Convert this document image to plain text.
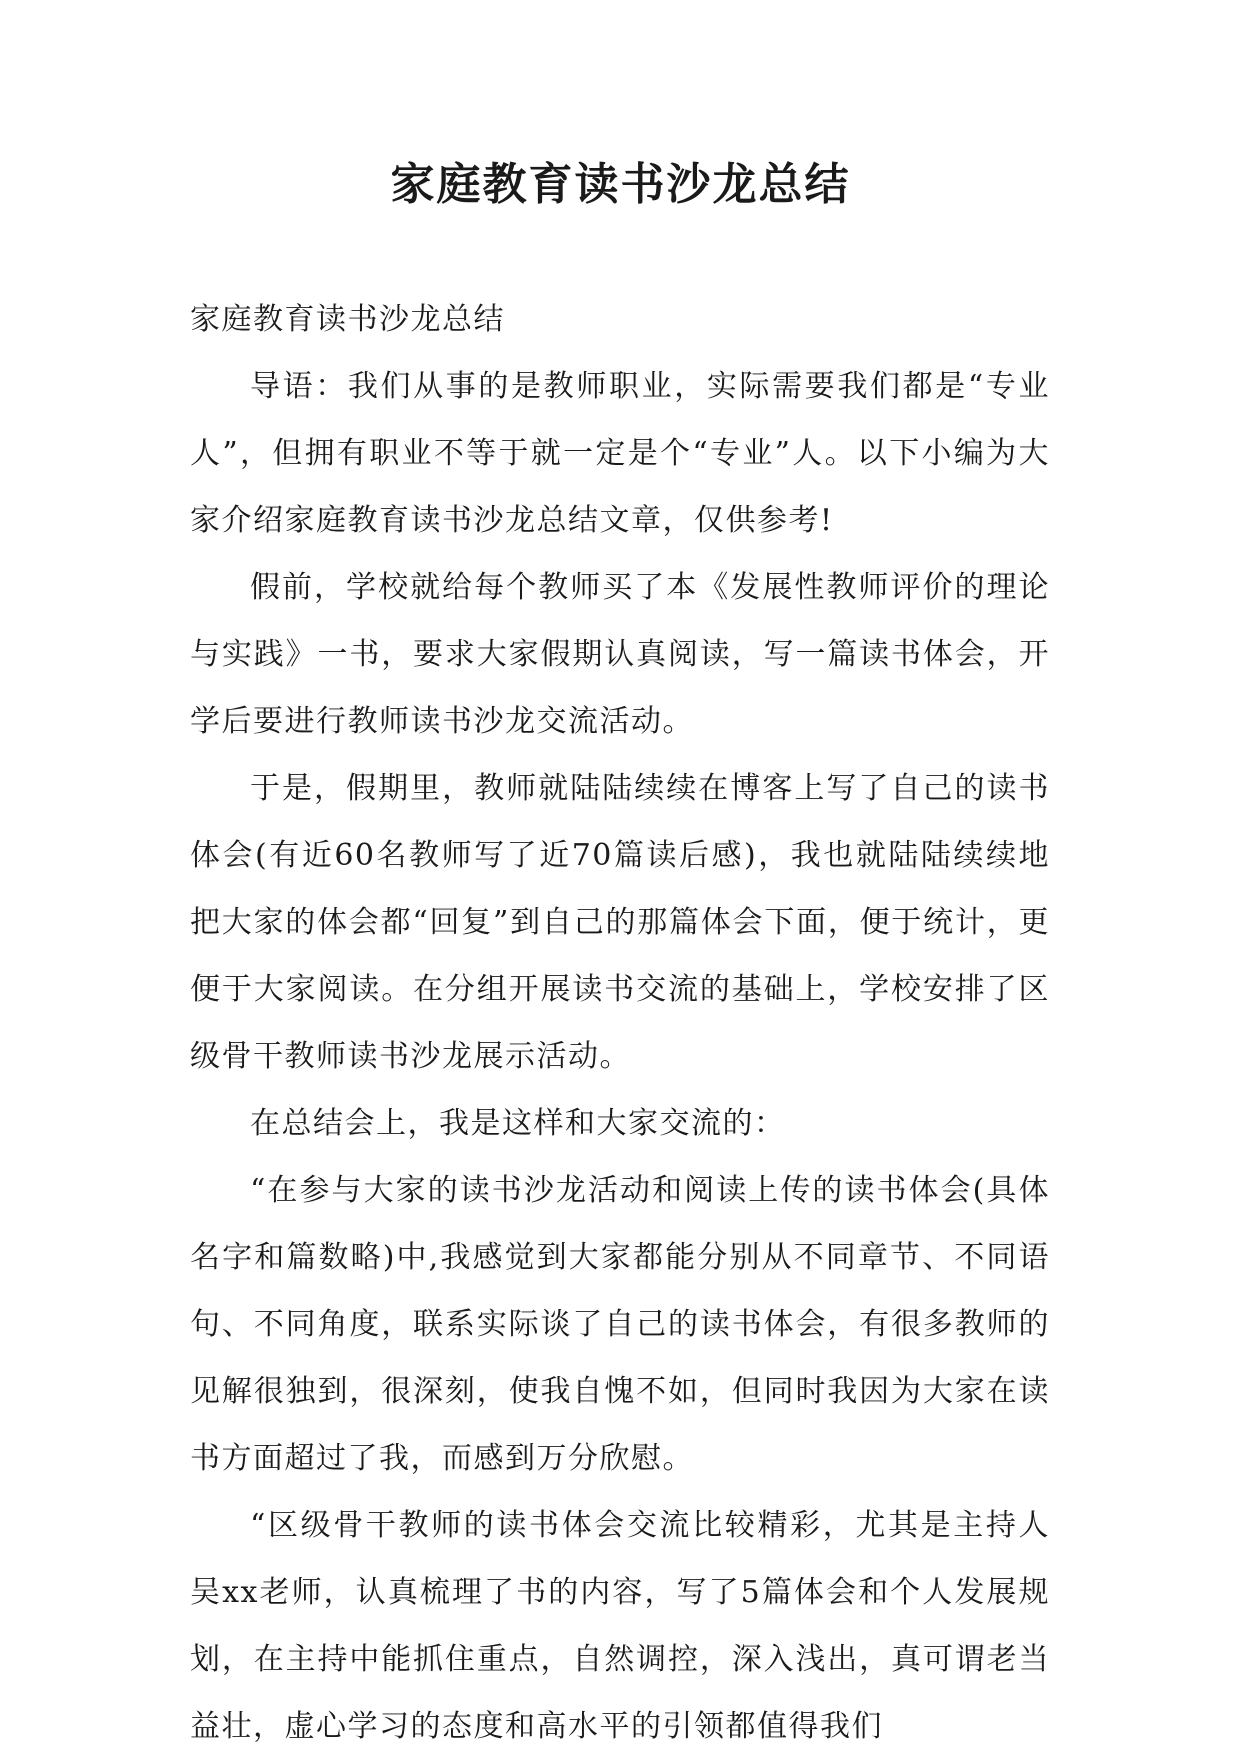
家庭教育读书沙龙总结

家庭教育读书沙龙总结

导语：我们从事的是教师职业，实际需要我们都是“专业人”，但拥有职业不等于就一定是个“专业”人。以下小编为大家介绍家庭教育读书沙龙总结文章，仅供参考!

假前，学校就给每个教师买了本《发展性教师评价的理论与实践》一书，要求大家假期认真阅读，写一篇读书体会，开学后要进行教师读书沙龙交流活动。

于是，假期里，教师就陆陆续续在博客上写了自己的读书体会(有近60名教师写了近70篇读后感)，我也就陆陆续续地把大家的体会都“回复”到自己的那篇体会下面，便于统计，更便于大家阅读。在分组开展读书交流的基础上，学校安排了区级骨干教师读书沙龙展示活动。

在总结会上，我是这样和大家交流的：

“在参与大家的读书沙龙活动和阅读上传的读书体会(具体名字和篇数略)中,我感觉到大家都能分别从不同章节、不同语句、不同角度，联系实际谈了自己的读书体会，有很多教师的见解很独到，很深刻，使我自愧不如，但同时我因为大家在读书方面超过了我，而感到万分欣慰。

“区级骨干教师的读书体会交流比较精彩，尤其是主持人吴xx老师，认真梳理了书的内容，写了5篇体会和个人发展规划，在主持中能抓住重点，自然调控，深入浅出，真可谓老当益壮，虚心学习的态度和高水平的引领都值得我们
